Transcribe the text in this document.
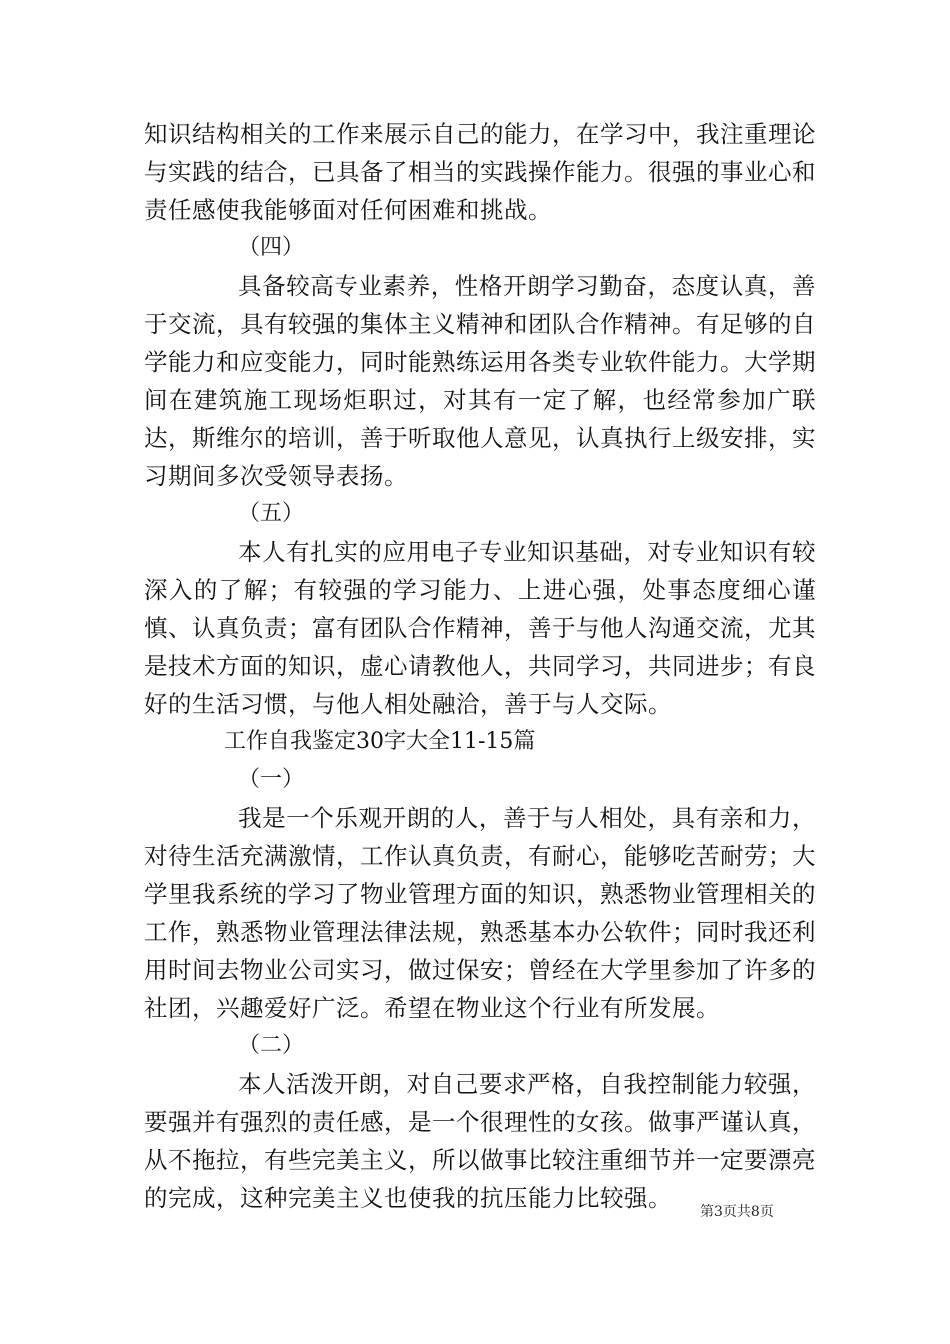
知识结构相关的工作来展示自己的能力，在学习中，我注重理论与实践的结合，已具备了相当的实践操作能力。很强的事业心和责任感使我能够面对任何困难和挑战。

（四）

具备较高专业素养，性格开朗学习勤奋，态度认真，善于交流，具有较强的集体主义精神和团队合作精神。有足够的自学能力和应变能力，同时能熟练运用各类专业软件能力。大学期间在建筑施工现场炬职过，对其有一定了解，也经常参加广联达，斯维尔的培训，善于听取他人意见，认真执行上级安排，实习期间多次受领导表扬。

（五）

本人有扎实的应用电子专业知识基础，对专业知识有较深入的了解；有较强的学习能力、上进心强，处事态度细心谨慎、认真负责；富有团队合作精神，善于与他人沟通交流，尤其是技术方面的知识，虚心请教他人，共同学习，共同进步；有良好的生活习惯，与他人相处融洽，善于与人交际。

工作自我鉴定30字大全11-15篇

（一）

我是一个乐观开朗的人，善于与人相处，具有亲和力，对待生活充满激情，工作认真负责，有耐心，能够吃苦耐劳；大学里我系统的学习了物业管理方面的知识，熟悉物业管理相关的工作，熟悉物业管理法律法规，熟悉基本办公软件；同时我还利用时间去物业公司实习，做过保安；曾经在大学里参加了许多的社团，兴趣爱好广泛。希望在物业这个行业有所发展。

（二）

本人活泼开朗，对自己要求严格，自我控制能力较强，要强并有强烈的责任感，是一个很理性的女孩。做事严谨认真，从不拖拉，有些完美主义，所以做事比较注重细节并一定要漂亮的完成，这种完美主义也使我的抗压能力比较强。	第3页共8页
